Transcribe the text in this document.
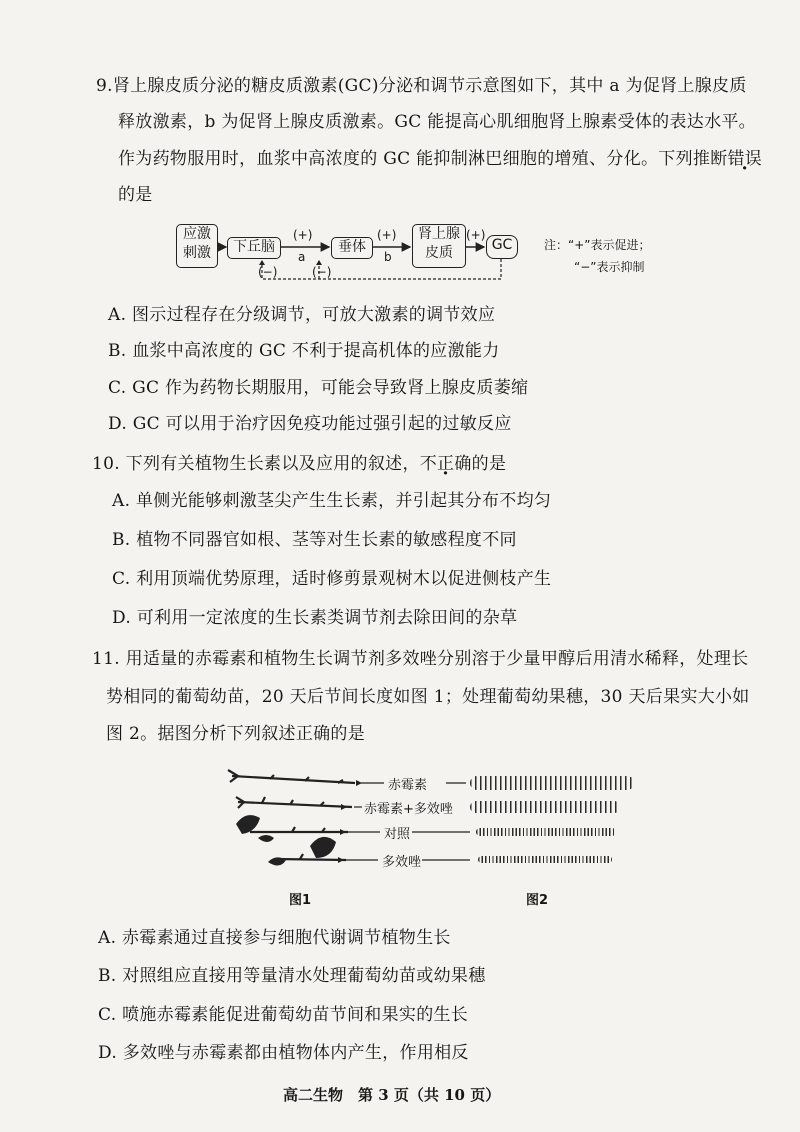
9.肾上腺皮质分泌的糖皮质激素(GC)分泌和调节示意图如下，其中 a 为促肾上腺皮质
释放激素，b 为促肾上腺皮质激素。GC 能提高心肌细胞肾上腺素受体的表达水平。
作为药物服用时，血浆中高浓度的 GC 能抑制淋巴细胞的增殖、分化。下列推断错误
的是
应激
刺激	下丘脑	垂体
肾上腺
皮质	GC
(+)
a
(+)
b
(+)
(−)	(−)
注：“+”表示促进；
“−”表示抑制
A. 图示过程存在分级调节，可放大激素的调节效应
B. 血浆中高浓度的 GC 不利于提高机体的应激能力
C. GC 作为药物长期服用，可能会导致肾上腺皮质萎缩
D. GC 可以用于治疗因免疫功能过强引起的过敏反应
10. 下列有关植物生长素以及应用的叙述，不正确的是
A. 单侧光能够刺激茎尖产生生长素，并引起其分布不均匀
B. 植物不同器官如根、茎等对生长素的敏感程度不同
C. 利用顶端优势原理，适时修剪景观树木以促进侧枝产生
D. 可利用一定浓度的生长素类调节剂去除田间的杂草
11. 用适量的赤霉素和植物生长调节剂多效唑分别溶于少量甲醇后用清水稀释，处理长
势相同的葡萄幼苗，20 天后节间长度如图 1；处理葡萄幼果穗，30 天后果实大小如
图 2。据图分析下列叙述正确的是
赤霉素
赤霉素+多效唑
对照
多效唑
图1	图2
A. 赤霉素通过直接参与细胞代谢调节植物生长
B. 对照组应直接用等量清水处理葡萄幼苗或幼果穗
C. 喷施赤霉素能促进葡萄幼苗节间和果实的生长
D. 多效唑与赤霉素都由植物体内产生，作用相反
高二生物　第 3 页（共 10 页）
